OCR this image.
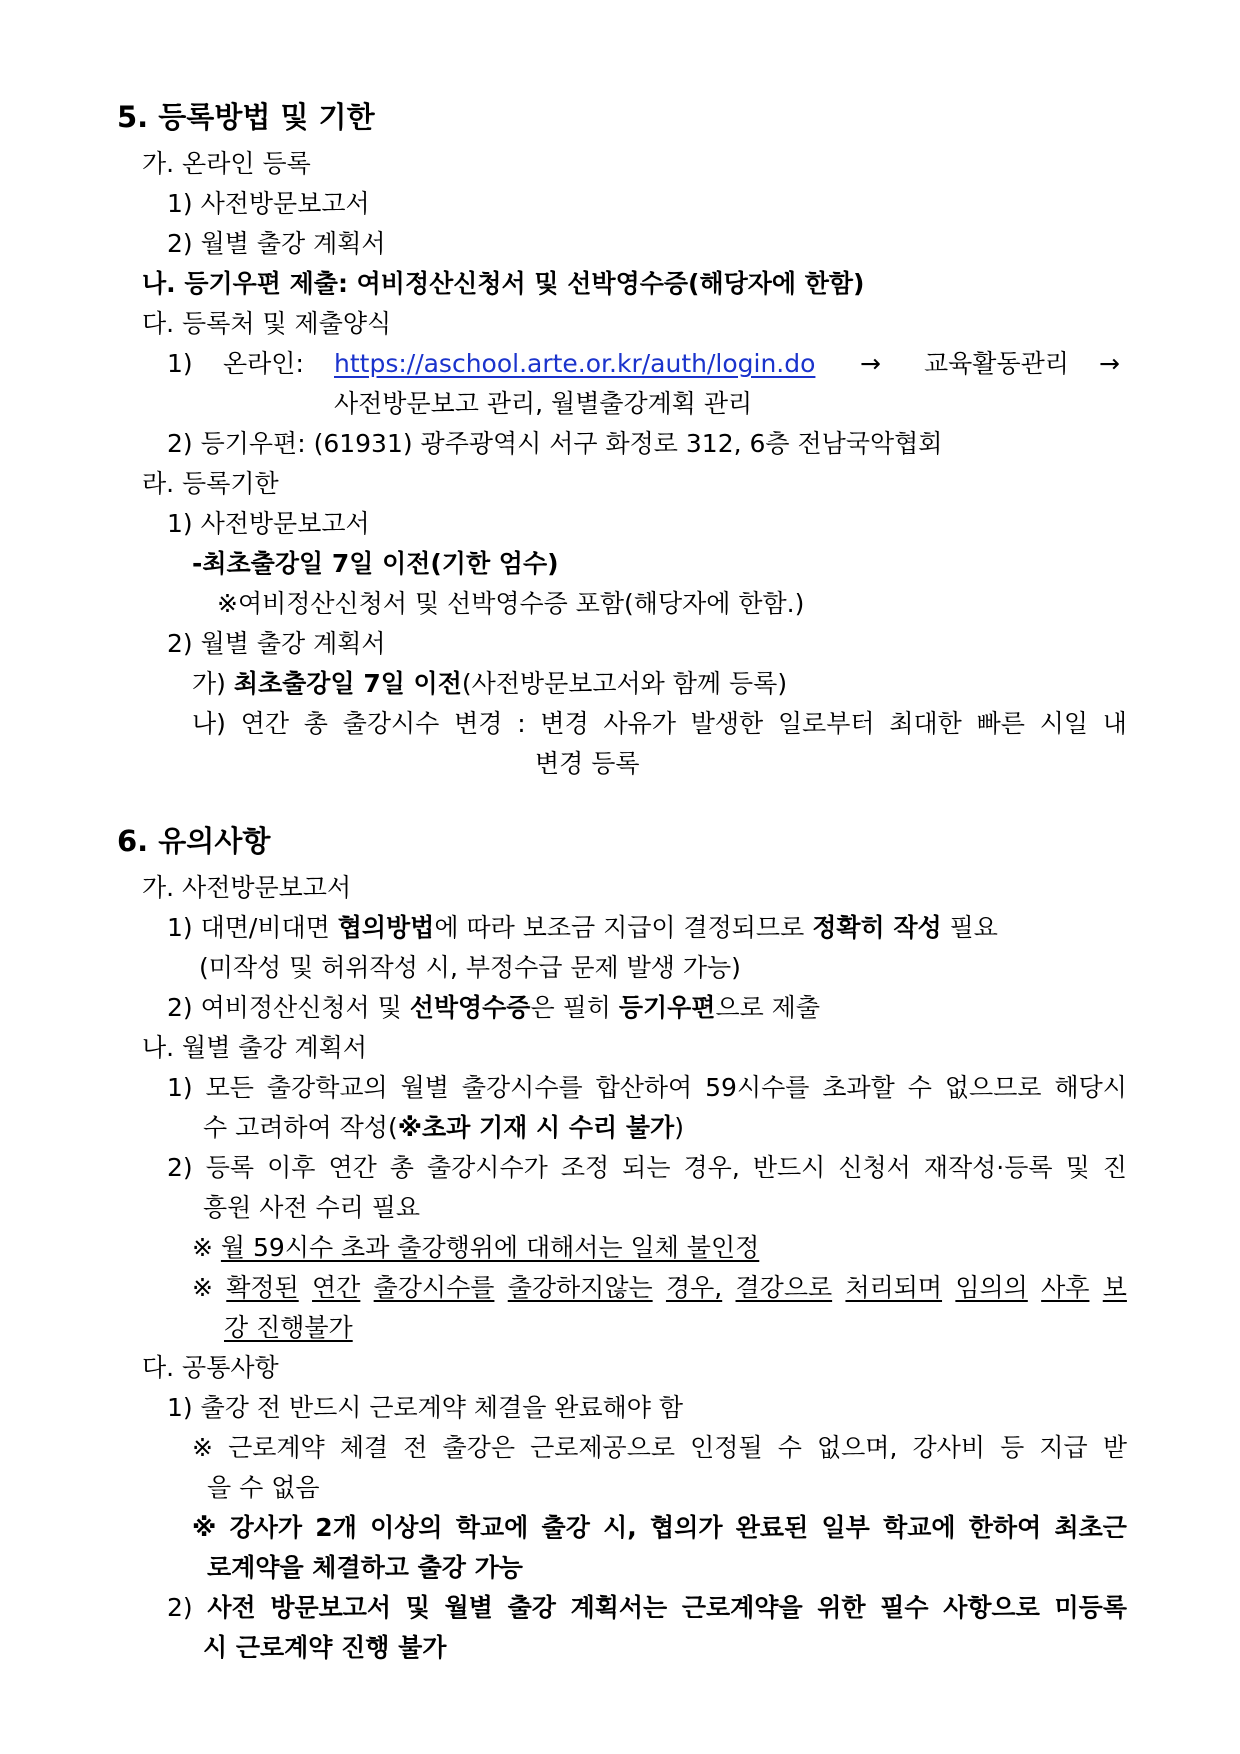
5. 등록방법 및 기한
가. 온라인 등록
1) 사전방문보고서
2) 월별 출강 계획서
나. 등기우편 제출: 여비정산신청서 및 선박영수증(해당자에 한함)
다. 등록처 및 제출양식
1) 온라인: https://aschool.arte.or.kr/auth/login.do → 교육활동관리 →
사전방문보고 관리, 월별출강계획 관리
2) 등기우편: (61931) 광주광역시 서구 화정로 312, 6층 전남국악협회
라. 등록기한
1) 사전방문보고서
-최초출강일 7일 이전(기한 엄수)
※여비정산신청서 및 선박영수증 포함(해당자에 한함.)
2) 월별 출강 계획서
가) 최초출강일 7일 이전(사전방문보고서와 함께 등록)
나) 연간 총 출강시수 변경 : 변경 사유가 발생한 일로부터 최대한 빠른 시일 내
변경 등록
6. 유의사항
가. 사전방문보고서
1) 대면/비대면 협의방법에 따라 보조금 지급이 결정되므로 정확히 작성 필요
(미작성 및 허위작성 시, 부정수급 문제 발생 가능)
2) 여비정산신청서 및 선박영수증은 필히 등기우편으로 제출
나. 월별 출강 계획서
1) 모든 출강학교의 월별 출강시수를 합산하여 59시수를 초과할 수 없으므로 해당시
수 고려하여 작성(※초과 기재 시 수리 불가)
2) 등록 이후 연간 총 출강시수가 조정 되는 경우, 반드시 신청서 재작성·등록 및 진
흥원 사전 수리 필요
※ 월 59시수 초과 출강행위에 대해서는 일체 불인정
※ 확정된 연간 출강시수를 출강하지않는 경우, 결강으로 처리되며 임의의 사후 보
강 진행불가
다. 공통사항
1) 출강 전 반드시 근로계약 체결을 완료해야 함
※ 근로계약 체결 전 출강은 근로제공으로 인정될 수 없으며, 강사비 등 지급 받
을 수 없음
※ 강사가 2개 이상의 학교에 출강 시, 협의가 완료된 일부 학교에 한하여 최초근
로계약을 체결하고 출강 가능
2) 사전 방문보고서 및 월별 출강 계획서는 근로계약을 위한 필수 사항으로 미등록
시 근로계약 진행 불가
